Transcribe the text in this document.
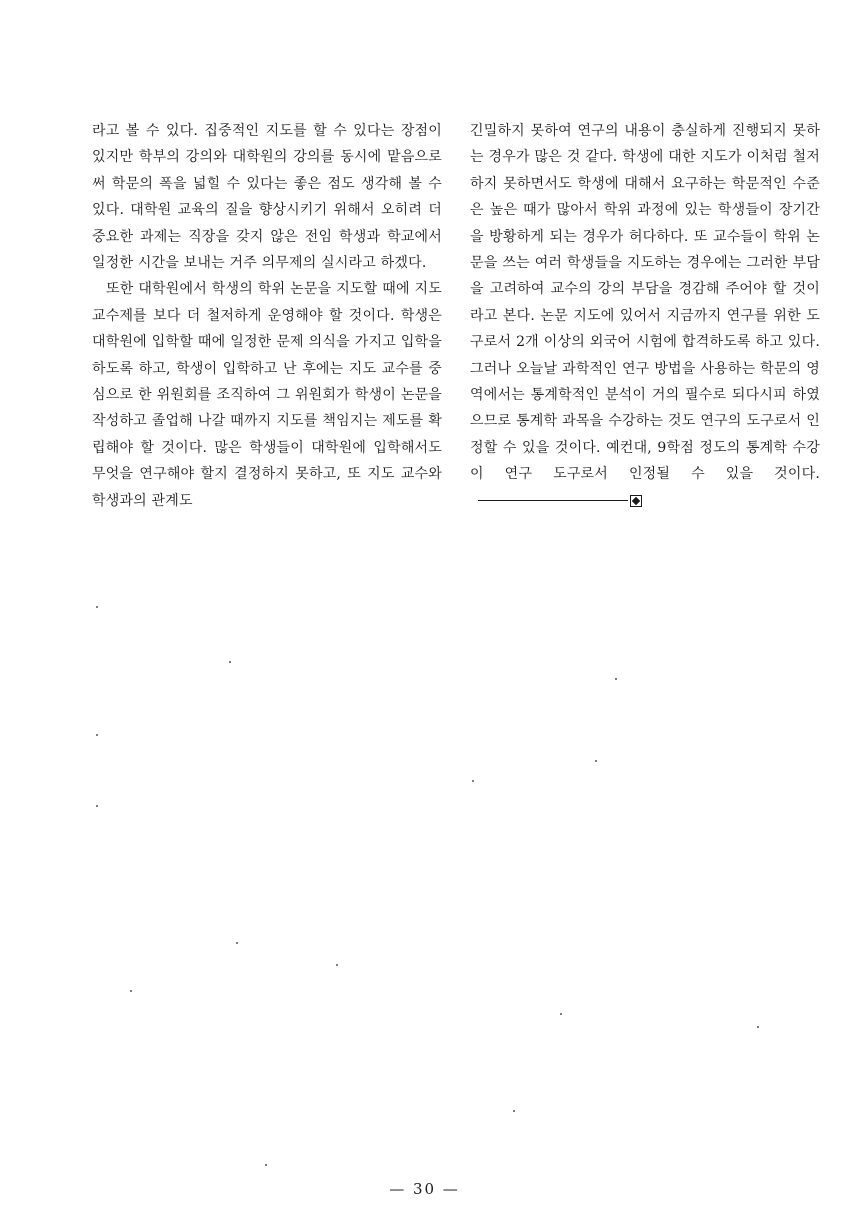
라고 볼 수 있다. 집중적인 지도를 할 수 있다는 장점이 있지만 학부의 강의와 대학원의 강의를 동시에 맡음으로써 학문의 폭을 넓힐 수 있다는 좋은 점도 생각해 볼 수 있다. 대학원 교육의 질을 향상시키기 위해서 오히려 더 중요한 과제는 직장을 갖지 않은 전임 학생과 학교에서 일정한 시간을 보내는 거주 의무제의 실시라고 하겠다.

또한 대학원에서 학생의 학위 논문을 지도할 때에 지도 교수제를 보다 더 철저하게 운영해야 할 것이다. 학생은 대학원에 입학할 때에 일정한 문제 의식을 가지고 입학을 하도록 하고, 학생이 입학하고 난 후에는 지도 교수를 중심으로 한 위원회를 조직하여 그 위원회가 학생이 논문을 작성하고 졸업해 나갈 때까지 지도를 책임지는 제도를 확립해야 할 것이다. 많은 학생들이 대학원에 입학해서도 무엇을 연구해야 할지 결정하지 못하고, 또 지도 교수와 학생과의 관계도

긴밀하지 못하여 연구의 내용이 충실하게 진행되지 못하는 경우가 많은 것 같다. 학생에 대한 지도가 이처럼 철저하지 못하면서도 학생에 대해서 요구하는 학문적인 수준은 높은 때가 많아서 학위 과정에 있는 학생들이 장기간을 방황하게 되는 경우가 허다하다. 또 교수들이 학위 논문을 쓰는 여러 학생들을 지도하는 경우에는 그러한 부담을 고려하여 교수의 강의 부담을 경감해 주어야 할 것이라고 본다. 논문 지도에 있어서 지금까지 연구를 위한 도구로서 2개 이상의 외국어 시험에 합격하도록 하고 있다. 그러나 오늘날 과학적인 연구 방법을 사용하는 학문의 영역에서는 통계학적인 분석이 거의 필수로 되다시피 하였으므로 통계학 과목을 수강하는 것도 연구의 도구로서 인정할 수 있을 것이다. 예컨대, 9학점 정도의 통계학 수강이 연구 도구로서 인정될 수 있을 것이다.

— 30 —
